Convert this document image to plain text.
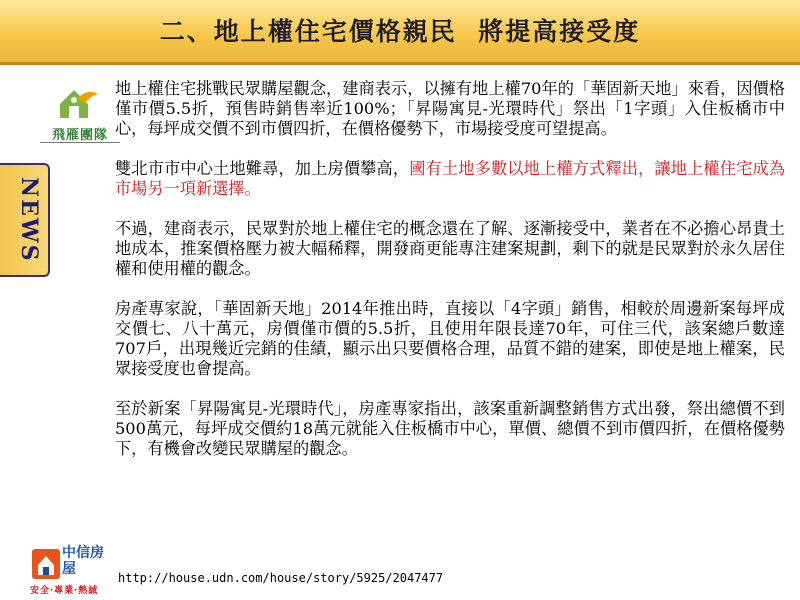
二、地上權住宅價格親民  將提高接受度
飛雁團隊
NEWS

地上權住宅挑戰民眾購屋觀念，建商表示，以擁有地上權70年的「華固新天地」來看，因價格僅市價5.5折，預售時銷售率近100%；「昇陽寓見-光環時代」祭出「1字頭」入住板橋市中心，每坪成交價不到市價四折，在價格優勢下，市場接受度可望提高。

雙北市市中心土地難尋，加上房價攀高，國有土地多數以地上權方式釋出，讓地上權住宅成為市場另一項新選擇。

不過，建商表示，民眾對於地上權住宅的概念還在了解、逐漸接受中，業者在不必擔心昂貴土地成本，推案價格壓力被大幅稀釋，開發商更能專注建案規劃，剩下的就是民眾對於永久居住權和使用權的觀念。

房產專家說，「華固新天地」2014年推出時，直接以「4字頭」銷售，相較於周邊新案每坪成交價七、八十萬元，房價僅市價的5.5折，且使用年限長達70年，可住三代，該案總戶數達707戶，出現幾近完銷的佳績，顯示出只要價格合理，品質不錯的建案，即使是地上權案，民眾接受度也會提高。

至於新案「昇陽寓見-光環時代」，房產專家指出，該案重新調整銷售方式出發，祭出總價不到500萬元，每坪成交價約18萬元就能入住板橋市中心，單價、總價不到市價四折，在價格優勢下，有機會改變民眾購屋的觀念。

中信房屋
安全‧專業‧熱誠
http://house.udn.com/house/story/5925/2047477
